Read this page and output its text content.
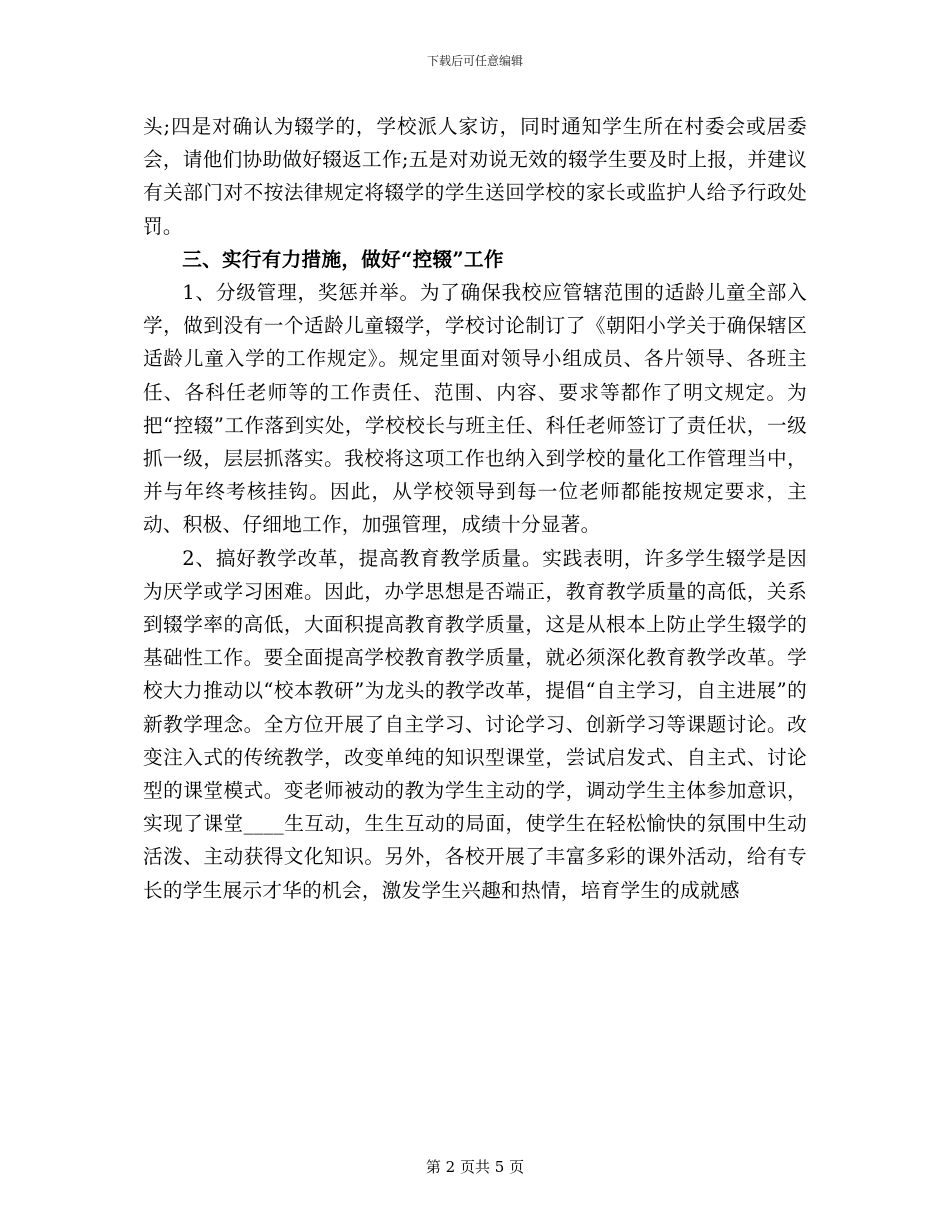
下载后可任意编辑

头;四是对确认为辍学的，学校派人家访，同时通知学生所在村委会或居委会，请他们协助做好辍返工作;五是对劝说无效的辍学生要及时上报，并建议有关部门对不按法律规定将辍学的学生送回学校的家长或监护人给予行政处罚。

三、实行有力措施，做好“控辍”工作

1、分级管理，奖惩并举。为了确保我校应管辖范围的适龄儿童全部入学，做到没有一个适龄儿童辍学，学校讨论制订了《朝阳小学关于确保辖区适龄儿童入学的工作规定》。规定里面对领导小组成员、各片领导、各班主任、各科任老师等的工作责任、范围、内容、要求等都作了明文规定。为把“控辍”工作落到实处，学校校长与班主任、科任老师签订了责任状，一级抓一级，层层抓落实。我校将这项工作也纳入到学校的量化工作管理当中，并与年终考核挂钩。因此，从学校领导到每一位老师都能按规定要求，主动、积极、仔细地工作，加强管理，成绩十分显著。

2、搞好教学改革，提高教育教学质量。实践表明，许多学生辍学是因为厌学或学习困难。因此，办学思想是否端正，教育教学质量的高低，关系到辍学率的高低，大面积提高教育教学质量，这是从根本上防止学生辍学的基础性工作。要全面提高学校教育教学质量，就必须深化教育教学改革。学校大力推动以“校本教研”为龙头的教学改革，提倡“自主学习，自主进展”的新教学理念。全方位开展了自主学习、讨论学习、创新学习等课题讨论。改变注入式的传统教学，改变单纯的知识型课堂，尝试启发式、自主式、讨论型的课堂模式。变老师被动的教为学生主动的学，调动学生主体参加意识，实现了课堂____生互动，生生互动的局面，使学生在轻松愉快的氛围中生动活泼、主动获得文化知识。另外，各校开展了丰富多彩的课外活动，给有专长的学生展示才华的机会，激发学生兴趣和热情，培育学生的成就感

第 2 页共 5 页
